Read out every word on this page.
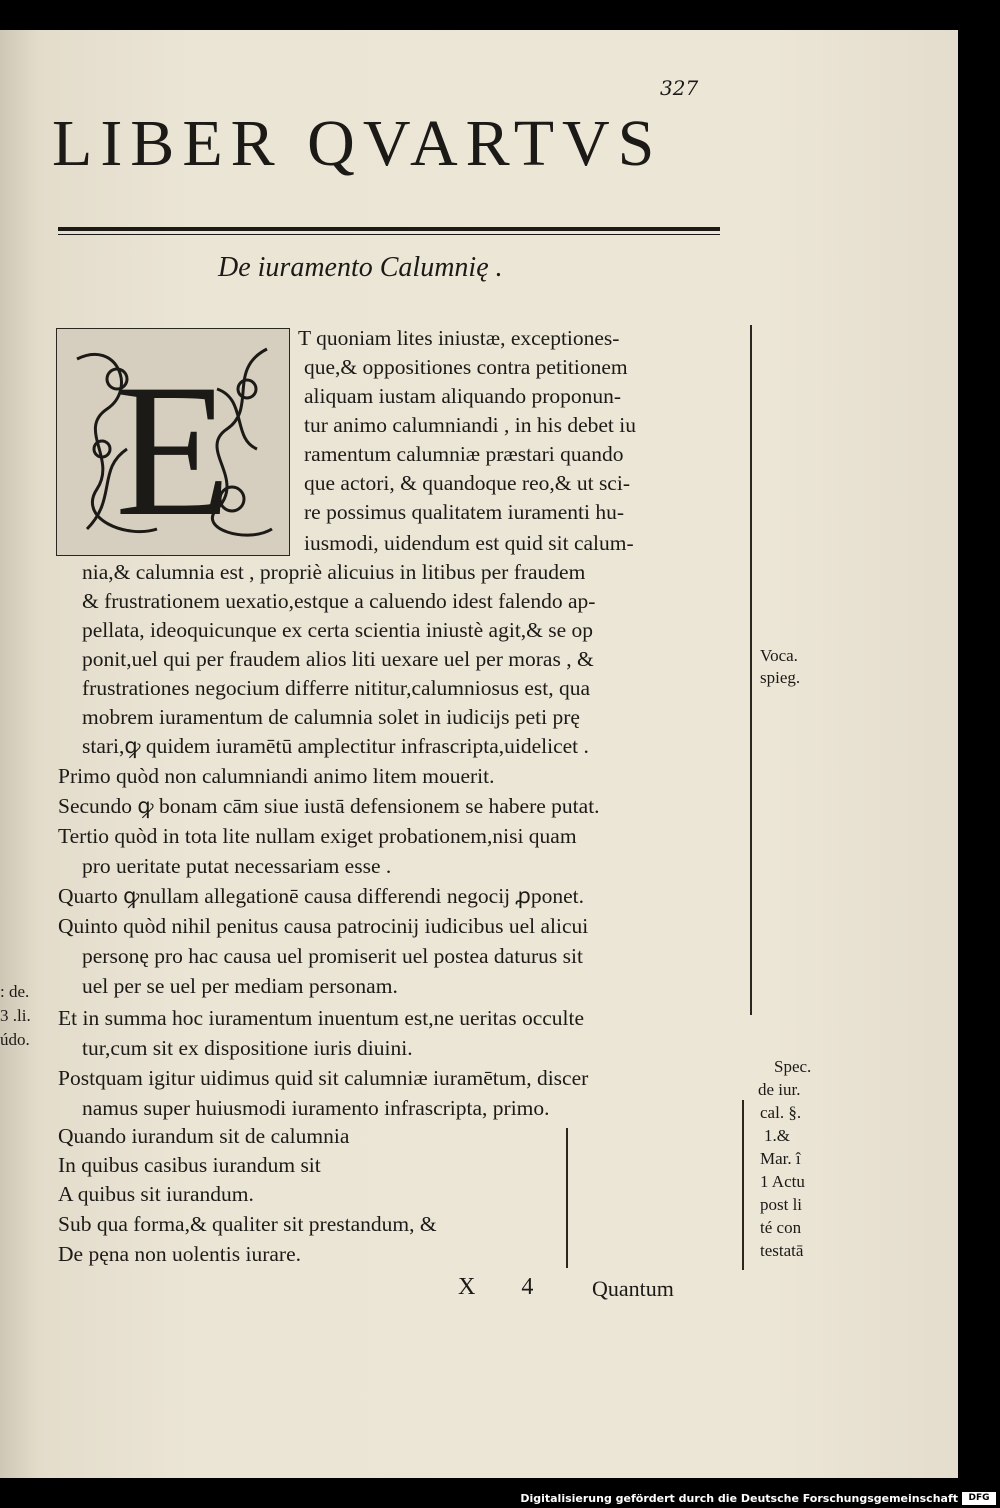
327
LIBER QVARTVS
De iuramento Calumnię .
E
T quoniam lites iniustæ, exceptiones-
que,& oppositiones contra petitionem
aliquam iustam aliquando proponun-
tur animo calumniandi , in his debet iu
ramentum calumniæ præstari quando
que actori, & quandoque reo,& ut sci-
re possimus qualitatem iuramenti hu-
iusmodi, uidendum est quid sit calum-
nia,& calumnia est , propriè alicuius in litibus per fraudem
& frustrationem uexatio,estque a caluendo idest falendo ap-
pellata, ideoquicunque ex certa scientia iniustè agit,& se op
ponit,uel qui per fraudem alios liti uexare uel per moras , &
frustrationes negocium differre nititur,calumniosus est, qua
mobrem iuramentum de calumnia solet in iudicijs peti prę
stari,ꝙ quidem iuramētū amplectitur infrascripta,uidelicet .
Primo quòd non calumniandi animo litem mouerit.
Secundo ꝙ bonam cām siue iustā defensionem se habere putat.
Tertio quòd in tota lite nullam exiget probationem,nisi quam
pro ueritate putat necessariam esse .
Quarto ꝙnullam allegationē causa differendi negocij ꝓponet.
Quinto quòd nihil penitus causa patrocinij iudicibus uel alicui
personę pro hac causa uel promiserit uel postea daturus sit
uel per se uel per mediam personam.
Et in summa hoc iuramentum inuentum est,ne ueritas occulte
tur,cum sit ex dispositione iuris diuini.
Postquam igitur uidimus quid sit calumniæ iuramētum, discer
namus super huiusmodi iuramento infrascripta, primo.
Quando iurandum sit de calumnia
In quibus casibus iurandum sit
A quibus sit iurandum.
Sub qua forma,& qualiter sit prestandum, &
De pęna non uolentis iurare.
Voca.
spieg.
Spec.
de iur.
cal. §.
1.&
Mar. î
1 Actu
post li
té con
testatā
: de.
3 .li.
údo.
X 4 Quantum
Digitalisierung gefördert durch die Deutsche Forschungsgemeinschaft	DFG
